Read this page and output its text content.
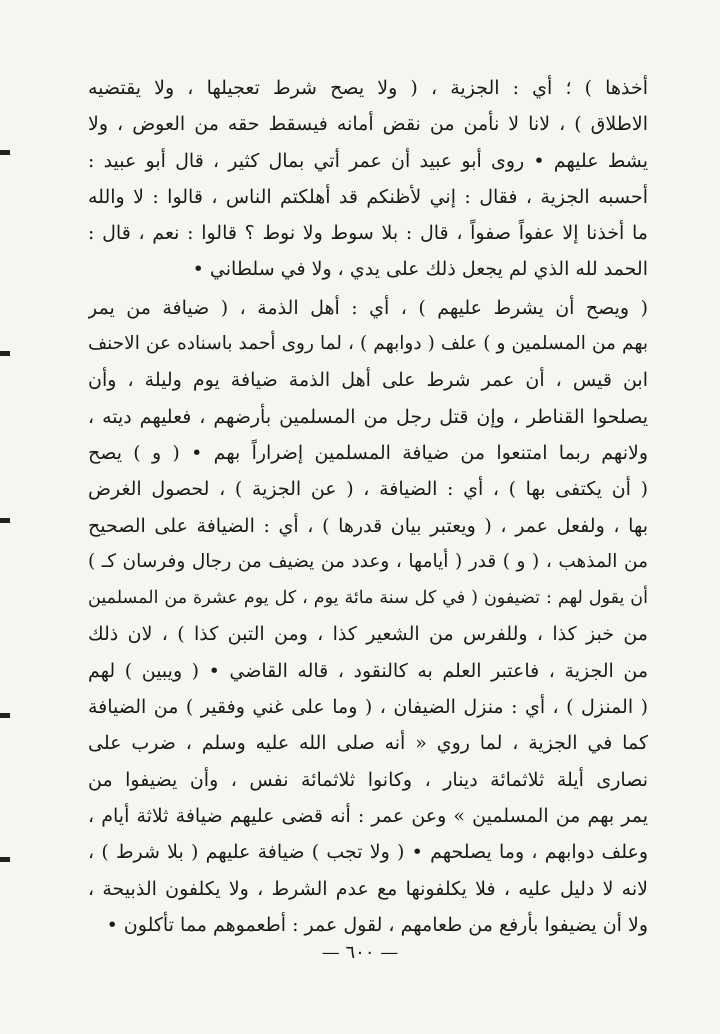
أخذها ) ؛ أي : الجزية ، ( ولا يصح شرط تعجيلها ، ولا يقتضيه
الاطلاق ) ، لانا لا نأمن من نقض أمانه فيسقط حقه من العوض ، ولا
يشط عليهم • روى أبو عبيد أن عمر أتي بمال كثير ، قال أبو عبيد :
أحسبه الجزية ، فقال : إني لأظنكم قد أهلكتم الناس ، قالوا : لا والله
ما أخذنا إلا عفواً صفواً ، قال : بلا سوط ولا نوط ؟ قالوا : نعم ، قال :
الحمد لله الذي لم يجعل ذلك على يدي ، ولا في سلطاني •
( ويصح أن يشرط عليهم ) ، أي : أهل الذمة ، ( ضيافة من يمر
بهم من المسلمين و ) علف ( دوابهم ) ، لما روى أحمد باسناده عن الاحنف
ابن قيس ، أن عمر شرط على أهل الذمة ضيافة يوم وليلة ، وأن
يصلحوا القناطر ، وإن قتل رجل من المسلمين بأرضهم ، فعليهم ديته ،
ولانهم ربما امتنعوا من ضيافة المسلمين إضراراً بهم • ( و ) يصح
( أن يكتفى بها ) ، أي : الضيافة ، ( عن الجزية ) ، لحصول الغرض
بها ، ولفعل عمر ، ( ويعتبر بيان قدرها ) ، أي : الضيافة على الصحيح
من المذهب ، ( و ) قدر ( أيامها ، وعدد من يضيف من رجال وفرسان كـ )
أن يقول لهم : تضيفون ( في كل سنة مائة يوم ، كل يوم عشرة من المسلمين
من خبز كذا ، وللفرس من الشعير كذا ، ومن التبن كذا ) ، لان ذلك
من الجزية ، فاعتبر العلم به كالنقود ، قاله القاضي • ( ويبين ) لهم
( المنزل ) ، أي : منزل الضيفان ، ( وما على غني وفقير ) من الضيافة
كما في الجزية ، لما روي « أنه صلى الله عليه وسلم ، ضرب على
نصارى أيلة ثلاثمائة دينار ، وكانوا ثلاثمائة نفس ، وأن يضيفوا من
يمر بهم من المسلمين » وعن عمر : أنه قضى عليهم ضيافة ثلاثة أيام ،
وعلف دوابهم ، وما يصلحهم • ( ولا تجب ) ضيافة عليهم ( بلا شرط ) ،
لانه لا دليل عليه ، فلا يكلفونها مع عدم الشرط ، ولا يكلفون الذبيحة ،
ولا أن يضيفوا بأرفع من طعامهم ، لقول عمر : أطعموهم مما تأكلون •
— ٦٠٠ —
